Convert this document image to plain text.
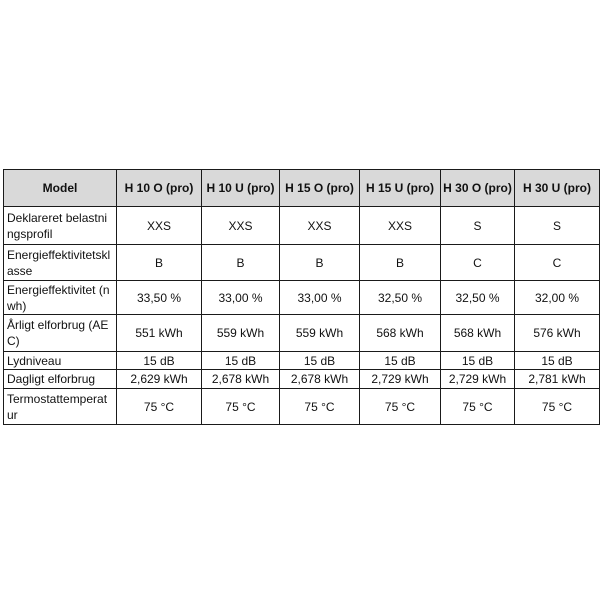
Model	H 10 O (pro)	H 10 U (pro)	H 15 O (pro)	H 15 U (pro)	H 30 O (pro)	H 30 U (pro)
Deklareret belastningsprofil	XXS	XXS	XXS	XXS	S	S
Energieffektivitetsklasse	B	B	B	B	C	C
Energieffektivitet (nwh)	33,50 %	33,00 %	33,00 %	32,50 %	32,50 %	32,00 %
Årligt elforbrug (AEC)	551 kWh	559 kWh	559 kWh	568 kWh	568 kWh	576 kWh
Lydniveau	15 dB	15 dB	15 dB	15 dB	15 dB	15 dB
Dagligt elforbrug	2,629 kWh	2,678 kWh	2,678 kWh	2,729 kWh	2,729 kWh	2,781 kWh
Termostattemperatur	75 °C	75 °C	75 °C	75 °C	75 °C	75 °C
